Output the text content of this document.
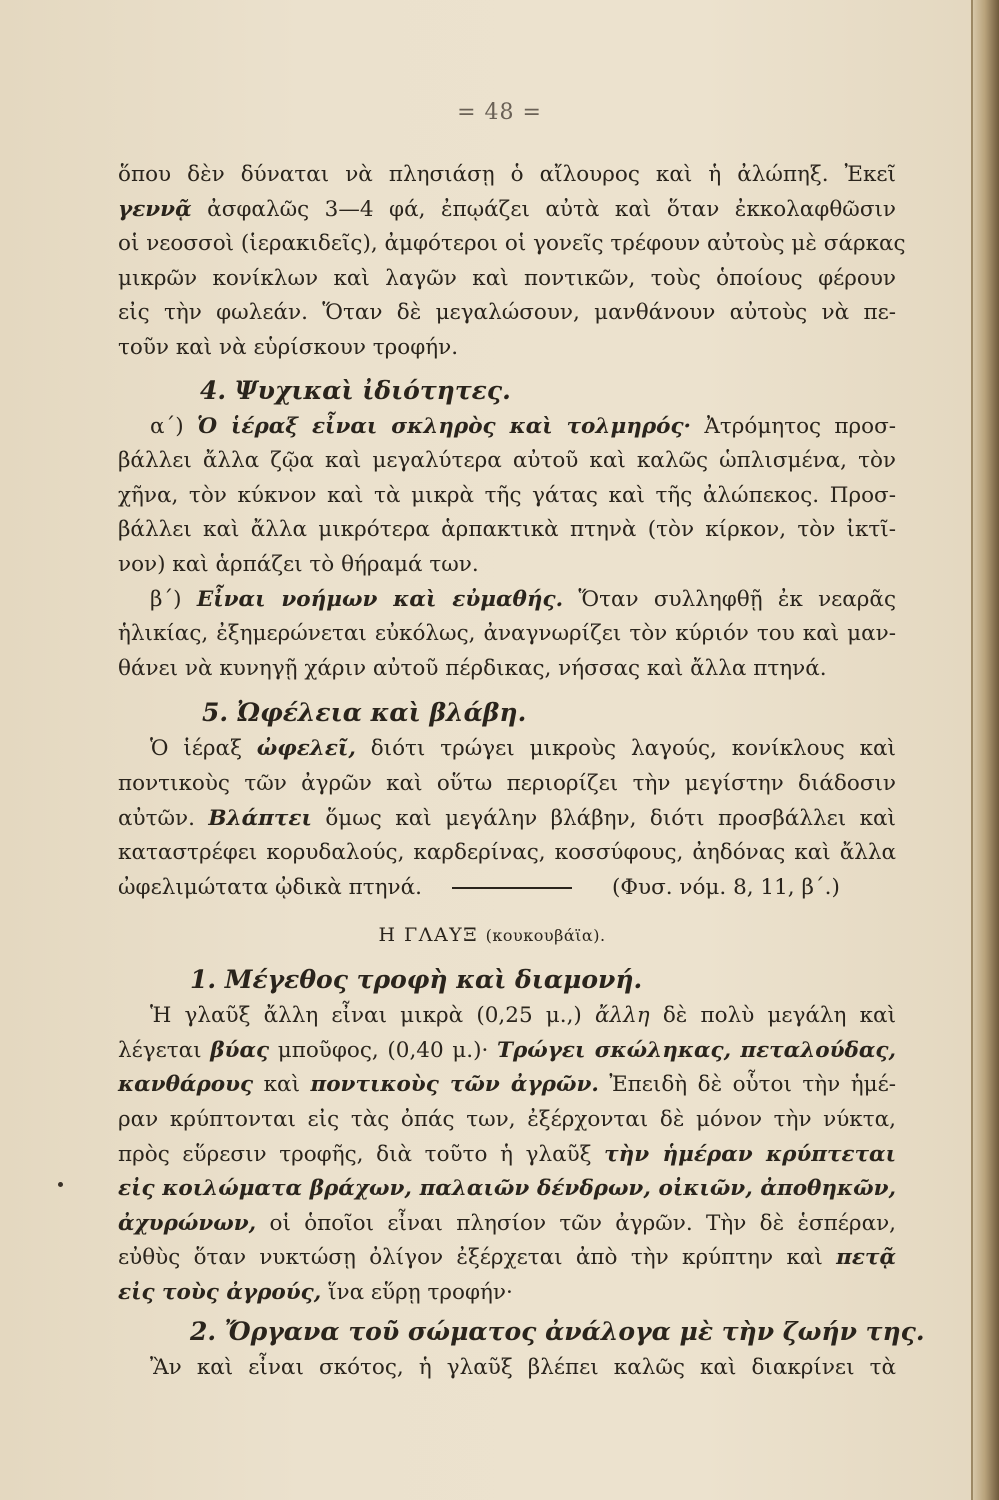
= 48 =
ὅπου δὲν δύναται νὰ πλησιάσῃ ὁ αἴλουρος καὶ ἡ ἀλώπηξ. Ἐκεῖ
γεννᾷ ἀσφαλῶς 3—4 φά, ἐπῳάζει αὐτὰ καὶ ὅταν ἐκκολαφθῶσιν
οἱ νεοσσοὶ (ἱερακιδεῖς), ἀμφότεροι οἱ γονεῖς τρέφουν αὐτοὺς μὲ σάρκας
μικρῶν κονίκλων καὶ λαγῶν καὶ ποντικῶν, τοὺς ὁποίους φέρουν
εἰς τὴν φωλεάν. Ὅταν δὲ μεγαλώσουν, μανθάνουν αὐτοὺς νὰ πε-
τοῦν καὶ νὰ εὑρίσκουν τροφήν.
4. Ψυχικαὶ ἰδιότητες.
α΄) Ὁ ἱέραξ εἶναι σκληρὸς καὶ τολμηρός· Ἀτρόμητος προσ-
βάλλει ἄλλα ζῷα καὶ μεγαλύτερα αὐτοῦ καὶ καλῶς ὡπλισμένα, τὸν
χῆνα, τὸν κύκνον καὶ τὰ μικρὰ τῆς γάτας καὶ τῆς ἀλώπεκος. Προσ-
βάλλει καὶ ἄλλα μικρότερα ἁρπακτικὰ πτηνὰ (τὸν κίρκον, τὸν ἰκτῖ-
νον) καὶ ἁρπάζει τὸ θήραμά των.
β΄) Εἶναι νοήμων καὶ εὐμαθής. Ὅταν συλληφθῇ ἐκ νεαρᾶς
ἡλικίας, ἐξημερώνεται εὐκόλως, ἀναγνωρίζει τὸν κύριόν του καὶ μαν-
θάνει νὰ κυνηγῇ χάριν αὐτοῦ πέρδικας, νήσσας καὶ ἄλλα πτηνά.
5. Ὠφέλεια καὶ βλάβη.
Ὁ ἱέραξ ὠφελεῖ, διότι τρώγει μικροὺς λαγούς, κονίκλους καὶ
ποντικοὺς τῶν ἀγρῶν καὶ οὕτω περιορίζει τὴν μεγίστην διάδοσιν
αὐτῶν. Βλάπτει ὅμως καὶ μεγάλην βλάβην, διότι προσβάλλει καὶ
καταστρέφει κορυδαλούς, καρδερίνας, κοσσύφους, ἀηδόνας καὶ ἄλλα
ὠφελιμώτατα ᾠδικὰ πτηνά.	(Φυσ. νόμ. 8, 11, β΄.)
Η ΓΛΑΥΞ (κουκουβάϊα).
1. Μέγεθος τροφὴ καὶ διαμονή.
Ἡ γλαῦξ ἄλλη εἶναι μικρὰ (0,25 μ.,) ἄλλη δὲ πολὺ μεγάλη καὶ
λέγεται βύας μποῦφος, (0,40 μ.)· Τρώγει σκώληκας, πεταλούδας,
κανθάρους καὶ ποντικοὺς τῶν ἀγρῶν. Ἐπειδὴ δὲ οὗτοι τὴν ἡμέ-
ραν κρύπτονται εἰς τὰς ὀπάς των, ἐξέρχονται δὲ μόνον τὴν νύκτα,
πρὸς εὕρεσιν τροφῆς, διὰ τοῦτο ἡ γλαῦξ τὴν ἡμέραν κρύπτεται
εἰς κοιλώματα βράχων, παλαιῶν δένδρων, οἰκιῶν, ἀποθηκῶν,
ἀχυρώνων, οἱ ὁποῖοι εἶναι πλησίον τῶν ἀγρῶν. Τὴν δὲ ἑσπέραν,
εὐθὺς ὅταν νυκτώσῃ ὀλίγον ἐξέρχεται ἀπὸ τὴν κρύπτην καὶ πετᾷ
εἰς τοὺς ἀγρούς, ἵνα εὕρῃ τροφήν·
2. Ὄργανα τοῦ σώματος ἀνάλογα μὲ τὴν ζωήν της.
Ἂν καὶ εἶναι σκότος, ἡ γλαῦξ βλέπει καλῶς καὶ διακρίνει τὰ
